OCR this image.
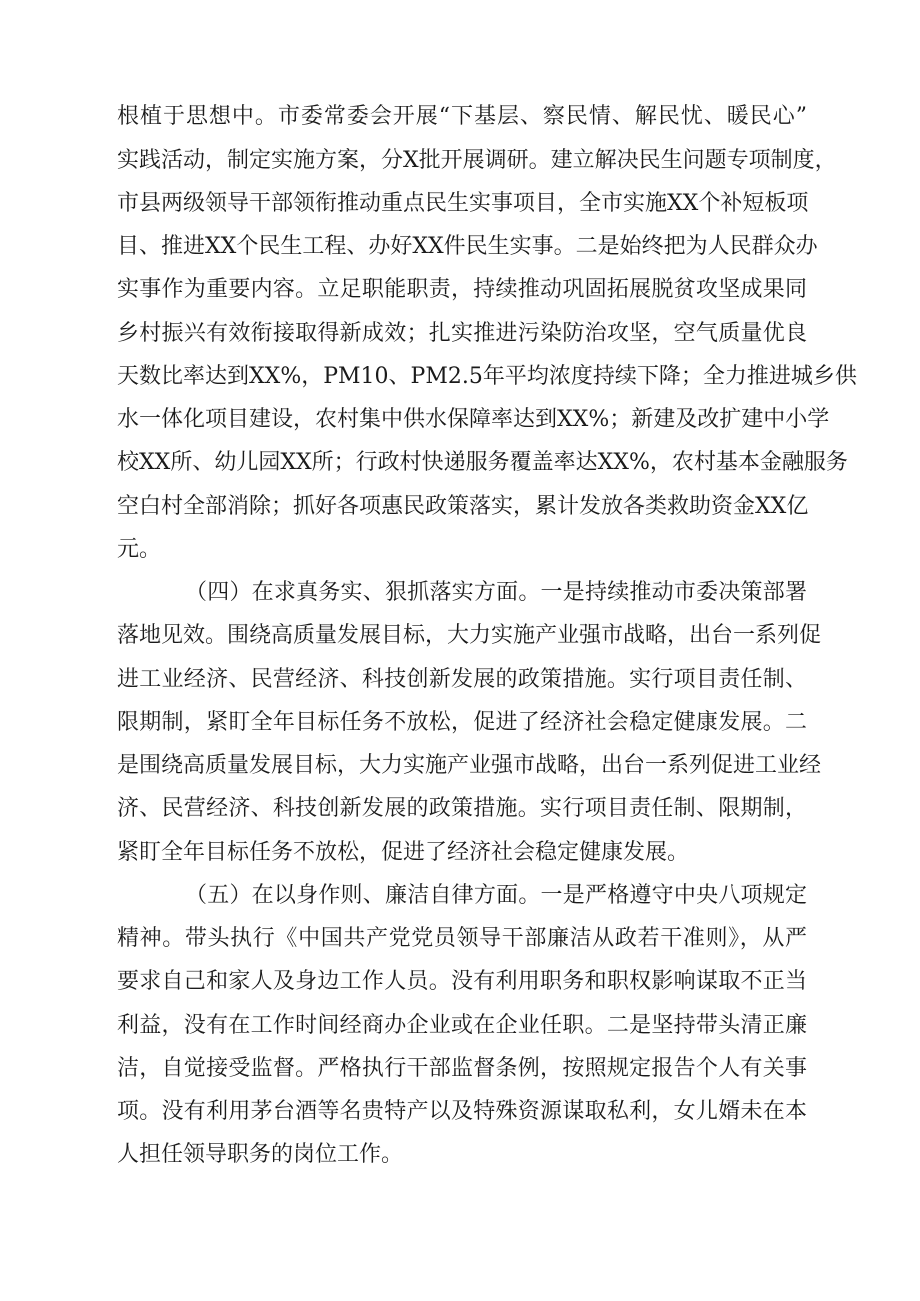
根植于思想中。市委常委会开展“下基层、察民情、解民忧、暖民心”
实践活动，制定实施方案，分X批开展调研。建立解决民生问题专项制度，
市县两级领导干部领衔推动重点民生实事项目，全市实施XX个补短板项
目、推进XX个民生工程、办好XX件民生实事。二是始终把为人民群众办
实事作为重要内容。立足职能职责，持续推动巩固拓展脱贫攻坚成果同
乡村振兴有效衔接取得新成效；扎实推进污染防治攻坚，空气质量优良
天数比率达到XX%，PM10、PM2.5年平均浓度持续下降；全力推进城乡供
水一体化项目建设，农村集中供水保障率达到XX%；新建及改扩建中小学
校XX所、幼儿园XX所；行政村快递服务覆盖率达XX%，农村基本金融服务
空白村全部消除；抓好各项惠民政策落实，累计发放各类救助资金XX亿
元。
（四）在求真务实、狠抓落实方面。一是持续推动市委决策部署
落地见效。围绕高质量发展目标，大力实施产业强市战略，出台一系列促
进工业经济、民营经济、科技创新发展的政策措施。实行项目责任制、
限期制，紧盯全年目标任务不放松，促进了经济社会稳定健康发展。二
是围绕高质量发展目标，大力实施产业强市战略，出台一系列促进工业经
济、民营经济、科技创新发展的政策措施。实行项目责任制、限期制，
紧盯全年目标任务不放松，促进了经济社会稳定健康发展。
（五）在以身作则、廉洁自律方面。一是严格遵守中央八项规定
精神。带头执行《中国共产党党员领导干部廉洁从政若干准则》，从严
要求自己和家人及身边工作人员。没有利用职务和职权影响谋取不正当
利益，没有在工作时间经商办企业或在企业任职。二是坚持带头清正廉
洁，自觉接受监督。严格执行干部监督条例，按照规定报告个人有关事
项。没有利用茅台酒等名贵特产以及特殊资源谋取私利，女儿婿未在本
人担任领导职务的岗位工作。
